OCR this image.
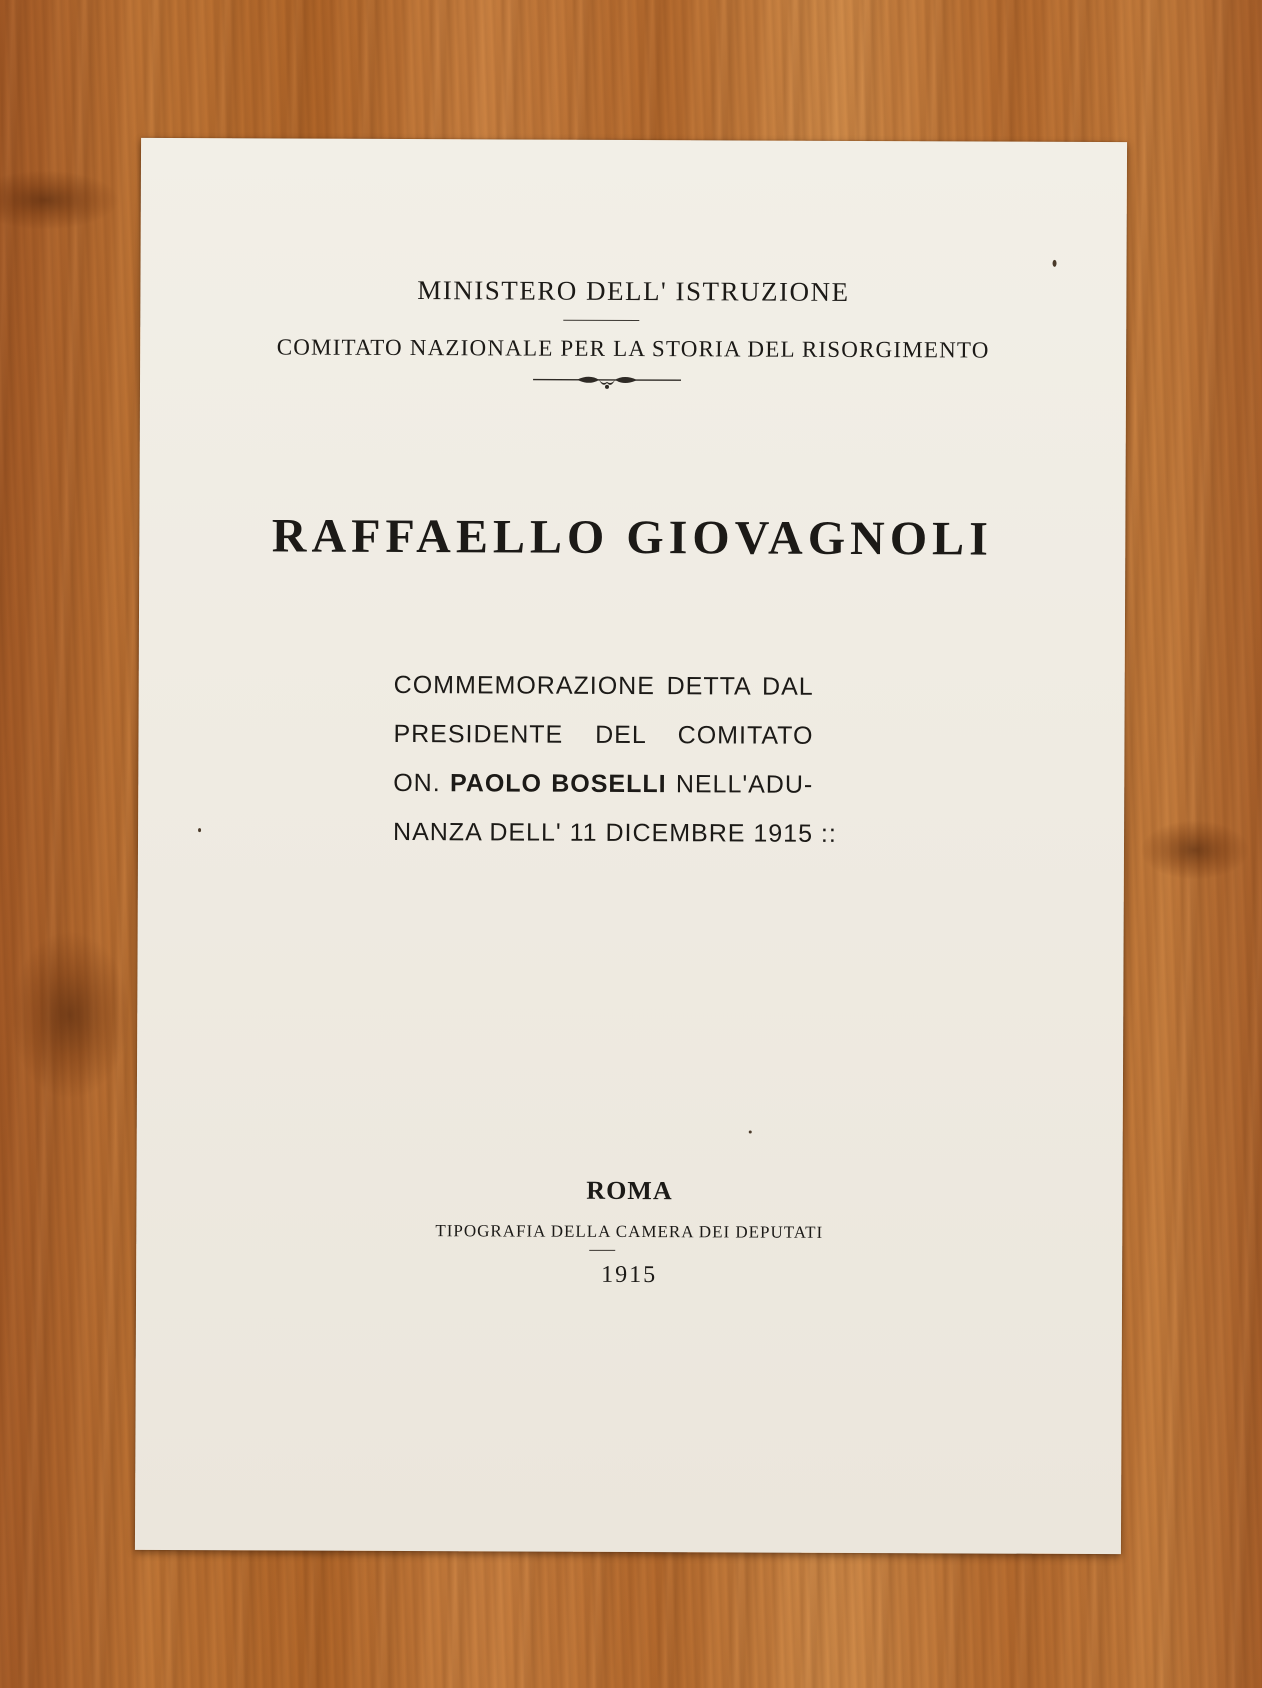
MINISTERO DELL' ISTRUZIONE
COMITATO NAZIONALE PER LA STORIA DEL RISORGIMENTO
RAFFAELLO GIOVAGNOLI
COMMEMORAZIONE DETTA DAL
PRESIDENTE DEL COMITATO
ON. PAOLO BOSELLI NELL'ADU-
NANZA DELL' 11 DICEMBRE 1915 ::
ROMA
TIPOGRAFIA DELLA CAMERA DEI DEPUTATI
1915
